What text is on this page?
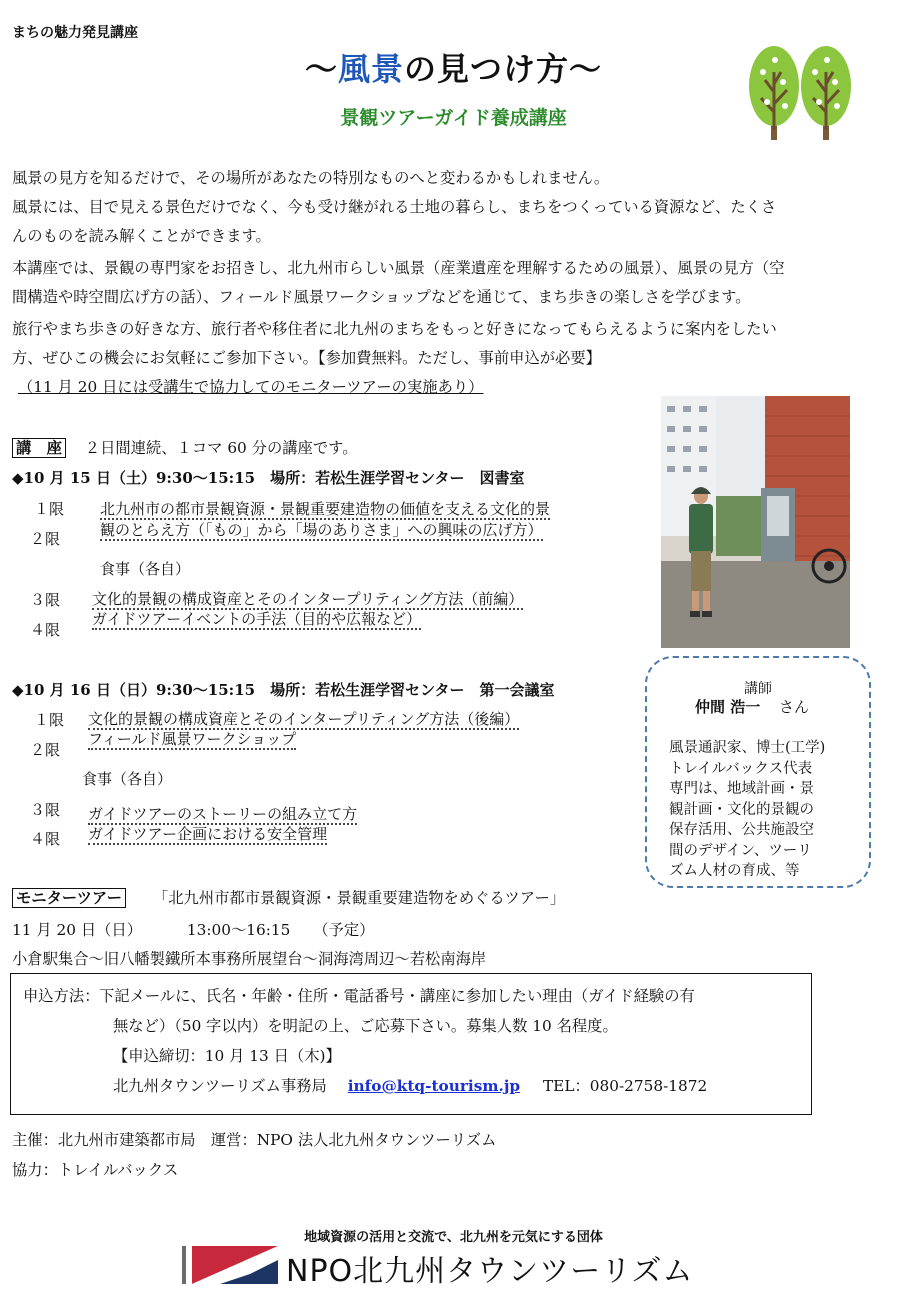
まちの魅力発見講座
～風景の見つけ方～
景観ツアーガイド養成講座
風景の見方を知るだけで、その場所があなたの特別なものへと変わるかもしれません。
風景には、目で見える景色だけでなく、今も受け継がれる土地の暮らし、まちをつくっている資源など、たくさ
んのものを読み解くことができます。
本講座では、景観の専門家をお招きし、北九州市らしい風景（産業遺産を理解するための風景）、風景の見方（空
間構造や時空間広げ方の話）、フィールド風景ワークショップなどを通じて、まち歩きの楽しさを学びます。
旅行やまち歩きの好きな方、旅行者や移住者に北九州のまちをもっと好きになってもらえるように案内をしたい
方、ぜひこの機会にお気軽にご参加下さい。【参加費無料。ただし、事前申込が必要】
（11 月 20 日には受講生で協力してのモニターツアーの実施あり）
講　座 ２日間連続、１コマ 60 分の講座です。
◆10 月 15 日（土）9:30～15:15　場所：若松生涯学習センター　図書室
１限
２限
北九州市の都市景観資源・景観重要建造物の価値を支える文化的景
観のとらえ方（「もの」から「場のありさま」への興味の広げ方）
食事（各自）
３限
４限
文化的景観の構成資産とそのインタープリティング方法（前編）
ガイドツアーイベントの手法（目的や広報など）
◆10 月 16 日（日）9:30～15:15　場所：若松生涯学習センター　第一会議室
１限
２限
文化的景観の構成資産とそのインタープリティング方法（後編）
フィールド風景ワークショップ
食事（各自）
３限
４限
ガイドツアーのストーリーの組み立て方
ガイドツアー企画における安全管理
講師
仲間 浩一 さん
風景通訳家、博士(工学)
トレイルバックス代表
専門は、地域計画・景
観計画・文化的景観の
保存活用、公共施設空
間のデザイン、ツーリ
ズム人材の育成、等
モニターツアー 「北九州市都市景観資源・景観重要建造物をめぐるツアー」
11 月 20 日（日）	13:00～16:15 （予定）
小倉駅集合～旧八幡製鐵所本事務所展望台～洞海湾周辺～若松南海岸
申込方法： 下記メールに、氏名・年齢・住所・電話番号・講座に参加したい理由（ガイド経験の有
無など）（50 字以内）を明記の上、ご応募下さい。募集人数 10 名程度。
【申込締切：10 月 13 日（木)】
北九州タウンツーリズム事務局 info@ktq-tourism.jp TEL：080-2758-1872
主催：北九州市建築都市局　運営：NPO 法人北九州タウンツーリズム
協力：トレイルバックス
地域資源の活用と交流で、北九州を元気にする団体
NPO北九州タウンツーリズム
